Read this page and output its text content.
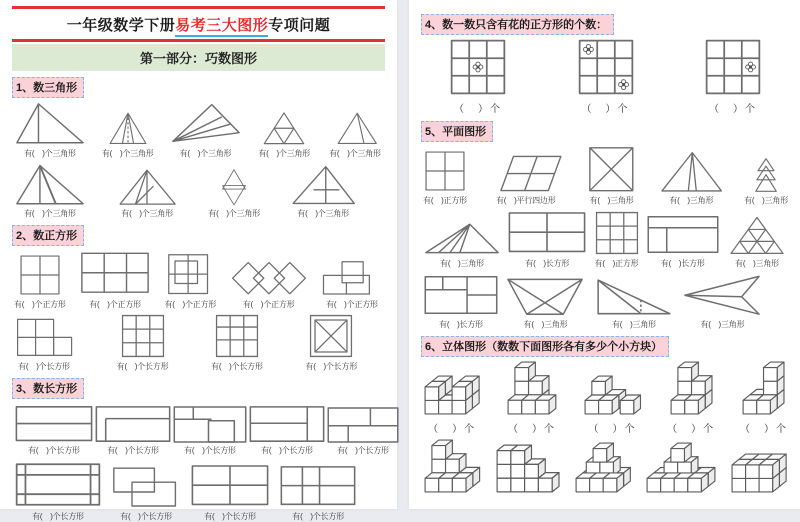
一年级数学下册易考三大图形专项问题
第一部分：巧数图形
1、数三角形
有(　)个三角形	有(　)个三角形	有(　)个三角形	有(　)个三角形 有(　)个三角形
有(　)个三角形	有(　)个三角形	有(　)个三角形	有(　)个三角形
2、数正方形
有(　)个正方形	有(　)个正方形	有(　)个正方形	有(　)个正方形	有(　)个正方形
有(　)个长方形	有(　)个长方形	有(　)个长方形	有(　)个长方形
3、数长方形
有(　)个长方形	有(　)个长方形	有(　)个长方形	有(　)个长方形	有(　)个长方形
有(　)个长方形	有(　)个长方形	有(　)个长方形	有(　)个长方形
4、数一数只含有花的正方形的个数：
（　）个	（　）个	（　）个
5、平面图形
有(　)正方形	有(　)平行四边形	有(　)三角形	有(　)三角形	有(　)三角形
有(　)三角形	有(　)长方形	有(　)正方形	有(　)长方形	有(　)三角形
有(　)长方形	有(　)三角形	有(　)三角形	有(　)三角形
6、立体图形（数数下面图形各有多少个小方块）
（　）个	（　）个	（　）个	（　）个 （　）个
